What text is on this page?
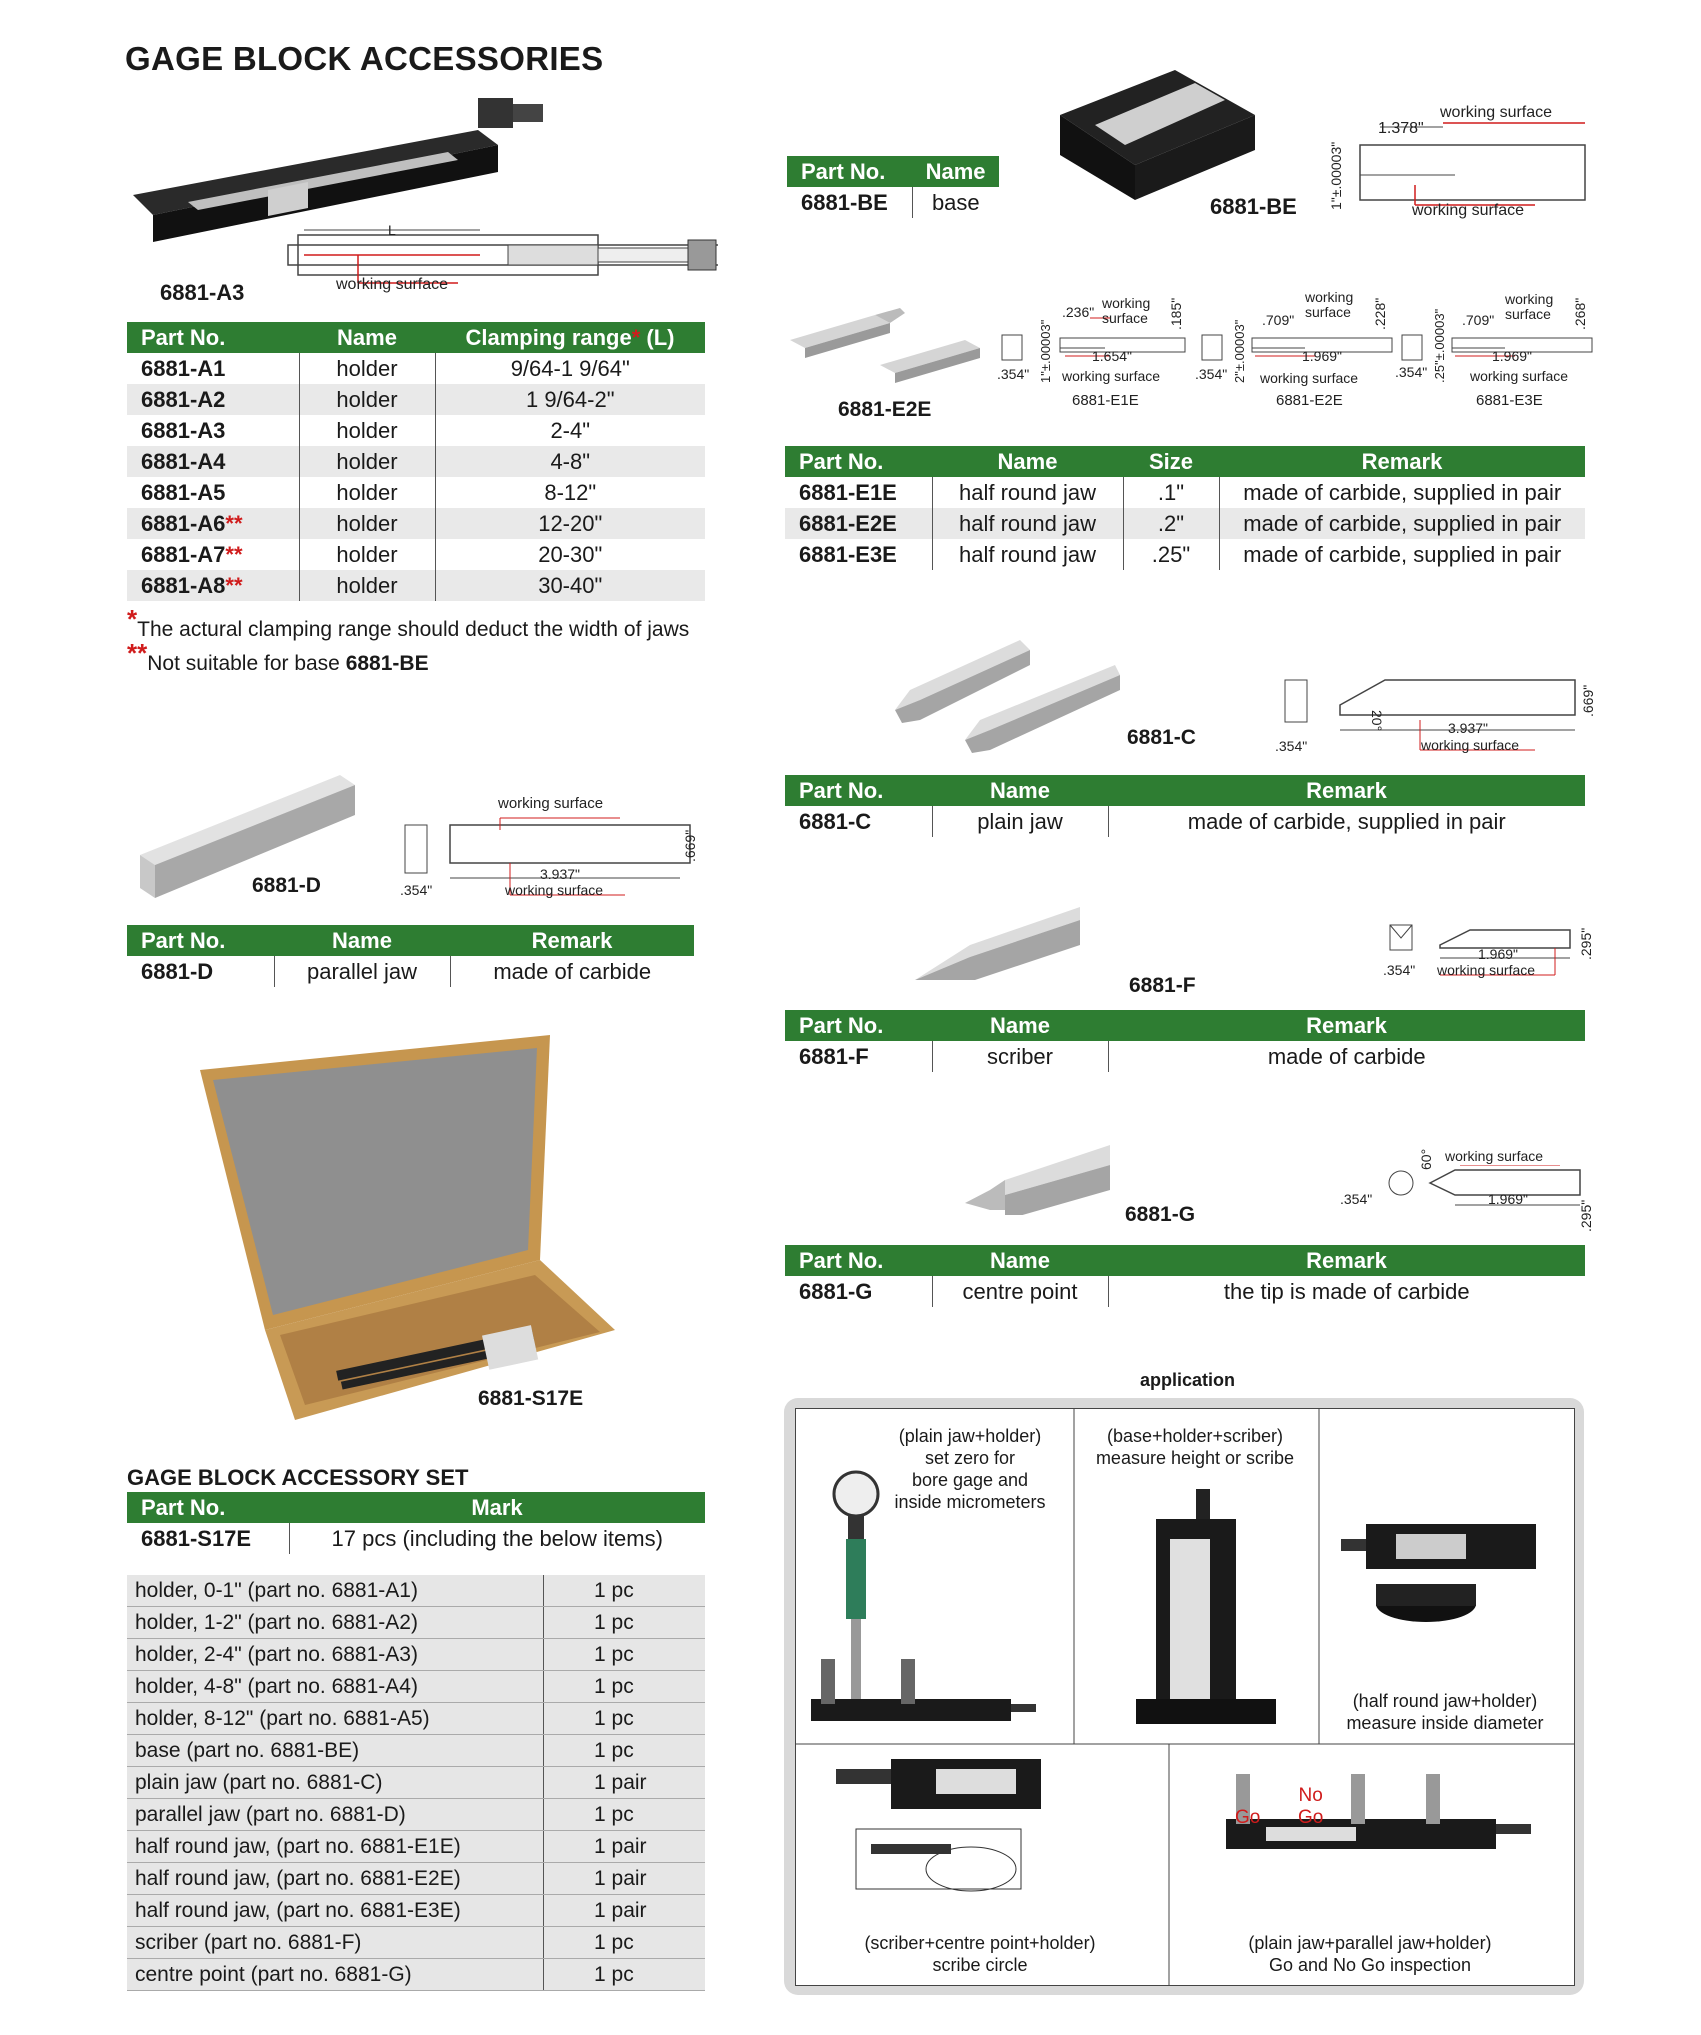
GAGE BLOCK ACCESSORIES
L
working surface
6881-A3
Part No.	Name	Clamping range* (L)
6881-A1	holder	9/64-1 9/64"
6881-A2	holder	1 9/64-2"
6881-A3	holder	2-4"
6881-A4	holder	4-8"
6881-A5	holder	8-12"
6881-A6**	holder	12-20"
6881-A7**	holder	20-30"
6881-A8**	holder	30-40"
*The actural clamping range should deduct the width of jaws
**Not suitable for base 6881-BE
6881-BE 1"±.00003"
1.378"
working surface
working surface
Part No.	Name
6881-BE	base
6881-E2E
.354" 1"±.00003"
.236"
working surface	.185"
1.654"
working surface
6881-E1E
.354" 2"±.00003" .709"
working surface	.228"
1.969"
working surface
6881-E2E
.354" .25"±.00003" .709"
working surface	.268"
1.969"
working surface
6881-E3E
Part No.	Name	Size	Remark
6881-E1E	half round jaw	.1"	made of carbide, supplied in pair
6881-E2E	half round jaw	.2"	made of carbide, supplied in pair
6881-E3E	half round jaw	.25"	made of carbide, supplied in pair
6881-C	.354"
20°	3.937"
.669"
working surface
Part No.	Name	Remark
6881-C	plain jaw	made of carbide, supplied in pair
6881-D
working surface
.354"
3.937"
working surface
.669"
Part No.	Name	Remark
6881-D	parallel jaw	made of carbide
6881-F
.354"
1.969"
working surface
.295"
Part No.	Name	Remark
6881-F	scriber	made of carbide
6881-G
.354"
60°
1.969"
working surface
.295"
Part No.	Name	Remark
6881-G	centre point	the tip is made of carbide
6881-S17E
GAGE BLOCK ACCESSORY SET
Part No.	Mark
6881-S17E	17 pcs (including the below items)
holder, 0-1" (part no. 6881-A1)	1 pc
holder, 1-2" (part no. 6881-A2)	1 pc
holder, 2-4" (part no. 6881-A3)	1 pc
holder, 4-8" (part no. 6881-A4)	1 pc
holder, 8-12" (part no. 6881-A5)	1 pc
base (part no. 6881-BE)	1 pc
plain jaw (part no. 6881-C)	1 pair
parallel jaw (part no. 6881-D)	1 pc
half round jaw, (part no. 6881-E1E)	1 pair
half round jaw, (part no. 6881-E2E)	1 pair
half round jaw, (part no. 6881-E3E)	1 pair
scriber (part no. 6881-F)	1 pc
centre point (part no. 6881-G)	1 pc
application
(plain jaw+holder)
set zero for
bore gage and
inside micrometers
(base+holder+scriber)
measure height or scribe
(half round jaw+holder)
measure inside diameter
(scriber+centre point+holder)
scribe circle
(plain jaw+parallel jaw+holder)
Go and No Go inspection
Go
No
Go
